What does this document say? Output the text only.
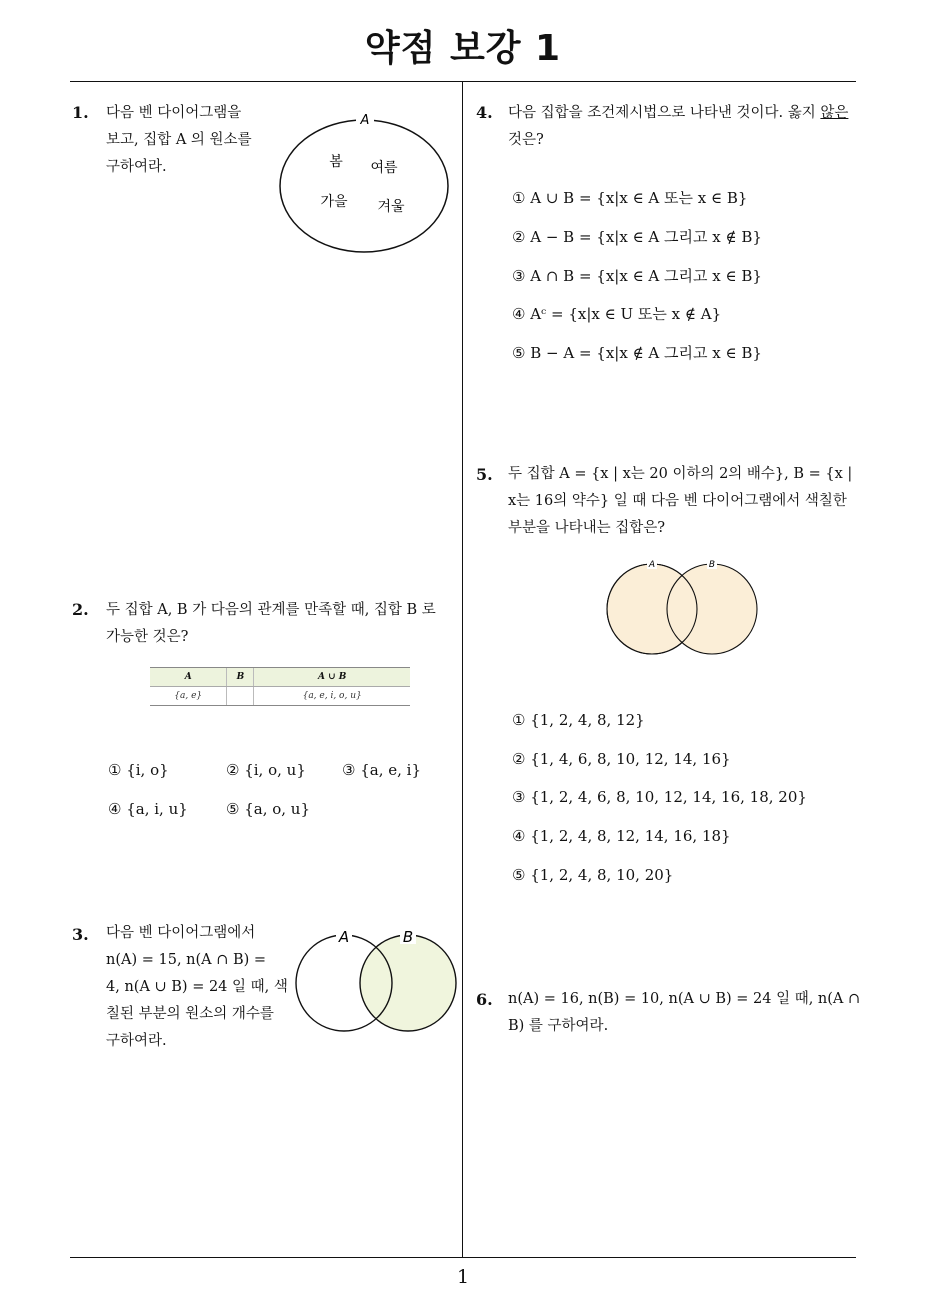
약점 보강 1
1
1. 다음 벤 다이어그램을
보고, 집합 A 의 원소를
구하여라.
A
봄 여름
가을 겨울
2. 두 집합 A, B 가 다음의 관계를 만족할 때, 집합 B 로
가능한 것은?
A	B	A ∪ B
{a, e}		{a, e, i, o, u}
① {i, o}	② {i, o, u} ③ {a, e, i}
④ {a, i, u}	⑤ {a, o, u}
3. 다음 벤 다이어그램에서
n(A) = 15, n(A ∩ B) =
4, n(A ∪ B) = 24 일 때, 색
칠된 부분의 원소의 개수를
구하여라.
A	B
4. 다음 집합을 조건제시법으로 나타낸 것이다. 옳지 않은
것은?
① A ∪ B = {x|x ∈ A 또는 x ∈ B}
② A − B = {x|x ∈ A 그리고 x ∉ B}
③ A ∩ B = {x|x ∈ A 그리고 x ∈ B}
④ Aᶜ = {x|x ∈ U 또는 x ∉ A}
⑤ B − A = {x|x ∉ A 그리고 x ∈ B}
5. 두 집합 A = {x | x는 20 이하의 2의 배수}, B = {x |
x는 16의 약수} 일 때 다음 벤 다이어그램에서 색칠한
부분을 나타내는 집합은?
A	B
① {1, 2, 4, 8, 12}
② {1, 4, 6, 8, 10, 12, 14, 16}
③ {1, 2, 4, 6, 8, 10, 12, 14, 16, 18, 20}
④ {1, 2, 4, 8, 12, 14, 16, 18}
⑤ {1, 2, 4, 8, 10, 20}
6. n(A) = 16, n(B) = 10, n(A ∪ B) = 24 일 때, n(A ∩
B) 를 구하여라.
